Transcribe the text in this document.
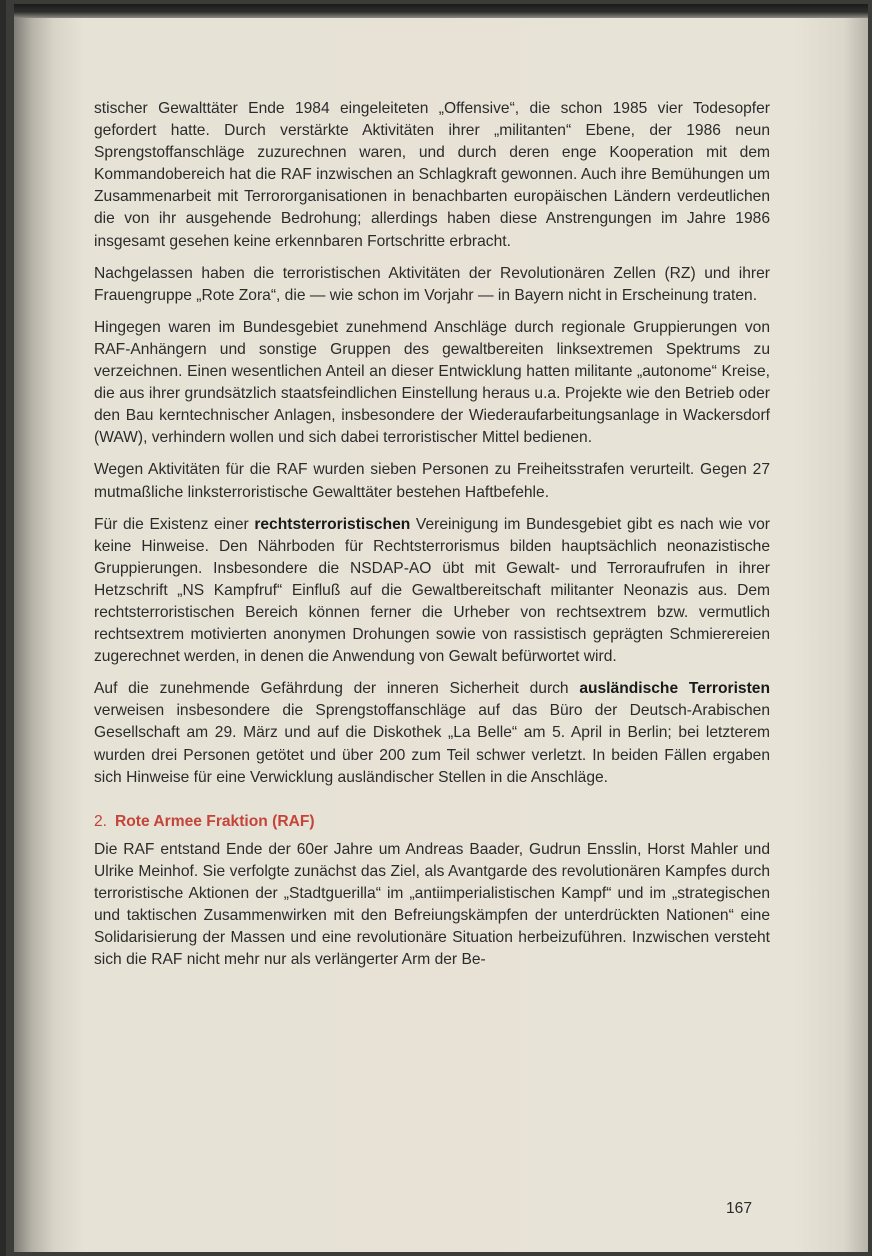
stischer Gewalttäter Ende 1984 eingeleiteten „Offensive“, die schon 1985 vier Todesopfer gefordert hatte. Durch verstärkte Aktivitäten ihrer „militanten“ Ebene, der 1986 neun Sprengstoffanschläge zuzurechnen waren, und durch deren enge Kooperation mit dem Kommandobereich hat die RAF inzwischen an Schlagkraft gewonnen. Auch ihre Bemühungen um Zusammenarbeit mit Terrororganisationen in benachbarten europäischen Ländern verdeutlichen die von ihr ausgehende Bedrohung; allerdings haben diese Anstrengungen im Jahre 1986 insgesamt gesehen keine erkennbaren Fortschritte erbracht.

Nachgelassen haben die terroristischen Aktivitäten der Revolutionären Zellen (RZ) und ihrer Frauengruppe „Rote Zora“, die — wie schon im Vorjahr — in Bayern nicht in Erscheinung traten.

Hingegen waren im Bundesgebiet zunehmend Anschläge durch regionale Gruppierungen von RAF-Anhängern und sonstige Gruppen des gewaltbereiten linksextremen Spektrums zu verzeichnen. Einen wesentlichen Anteil an dieser Entwicklung hatten militante „autonome“ Kreise, die aus ihrer grundsätzlich staatsfeindlichen Einstellung heraus u.a. Projekte wie den Betrieb oder den Bau kerntechnischer Anlagen, insbesondere der Wiederaufarbeitungsanlage in Wackersdorf (WAW), verhindern wollen und sich dabei terroristischer Mittel bedienen.

Wegen Aktivitäten für die RAF wurden sieben Personen zu Freiheitsstrafen verurteilt. Gegen 27 mutmaßliche linksterroristische Gewalttäter bestehen Haftbefehle.

Für die Existenz einer rechtsterroristischen Vereinigung im Bundesgebiet gibt es nach wie vor keine Hinweise. Den Nährboden für Rechtsterrorismus bilden hauptsächlich neonazistische Gruppierungen. Insbesondere die NSDAP-AO übt mit Gewalt- und Terroraufrufen in ihrer Hetzschrift „NS Kampfruf“ Einfluß auf die Gewaltbereitschaft militanter Neonazis aus. Dem rechtsterroristischen Bereich können ferner die Urheber von rechtsextrem bzw. vermutlich rechtsextrem motivierten anonymen Drohungen sowie von rassistisch geprägten Schmierereien zugerechnet werden, in denen die Anwendung von Gewalt befürwortet wird.

Auf die zunehmende Gefährdung der inneren Sicherheit durch ausländische Terroristen verweisen insbesondere die Sprengstoffanschläge auf das Büro der Deutsch-Arabischen Gesellschaft am 29. März und auf die Diskothek „La Belle“ am 5. April in Berlin; bei letzterem wurden drei Personen getötet und über 200 zum Teil schwer verletzt. In beiden Fällen ergaben sich Hinweise für eine Verwicklung ausländischer Stellen in die Anschläge.

2. Rote Armee Fraktion (RAF)

Die RAF entstand Ende der 60er Jahre um Andreas Baader, Gudrun Ensslin, Horst Mahler und Ulrike Meinhof. Sie verfolgte zunächst das Ziel, als Avantgarde des revolutionären Kampfes durch terroristische Aktionen der „Stadtguerilla“ im „antiimperialistischen Kampf“ und im „strategischen und taktischen Zusammenwirken mit den Befreiungskämpfen der unterdrückten Nationen“ eine Solidarisierung der Massen und eine revolutionäre Situation herbeizuführen. Inzwischen versteht sich die RAF nicht mehr nur als verlängerter Arm der Be-

167
